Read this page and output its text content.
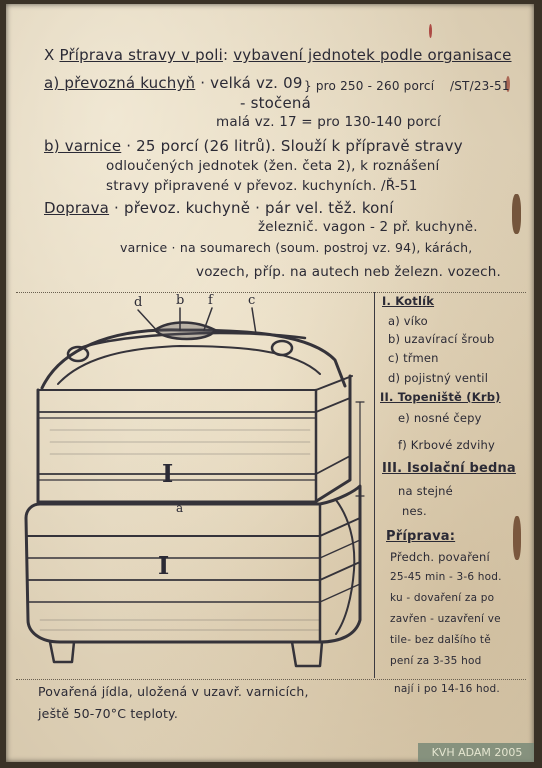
X Příprava stravy v poli: vybavení jednotek podle organisace
a) převozná kuchyň · velká vz. 09 } pro 250 - 260 porcí /ST/23-51
- stočená
malá vz. 17 = pro 130-140 porcí
b) varnice · 25 porcí (26 litrů). Slouží k přípravě stravy
odloučených jednotek (žen. četa 2), k roznášení
stravy připravené v převoz. kuchyních. /Ř-51
Doprava · převoz. kuchyně · pár vel. těž. koní
železnič. vagon - 2 př. kuchyně.
varnice · na soumarech (soum. postroj vz. 94), kárách,
vozech, příp. na autech neb železn. vozech.
d	b f	c
I
a
I
I. Kotlík
a) víko
b) uzavírací šroub
c) třmen
d) pojistný ventil
II. Topeniště (Krb)
e) nosné čepy
f) Krbové zdvihy
III. Isolační bedna
na stejné
nes.
Příprava:
Předch. povaření
25-45 min - 3-6 hod.
ku - dovaření za po
zavřen - uzavření ve
tile- bez dalšího tě
pení za 3-35 hod
nají i po 14-16 hod.
Povařená jídla, uložená v uzavř. varnicích,
ještě 50-70°C teploty.
KVH ADAM 2005
